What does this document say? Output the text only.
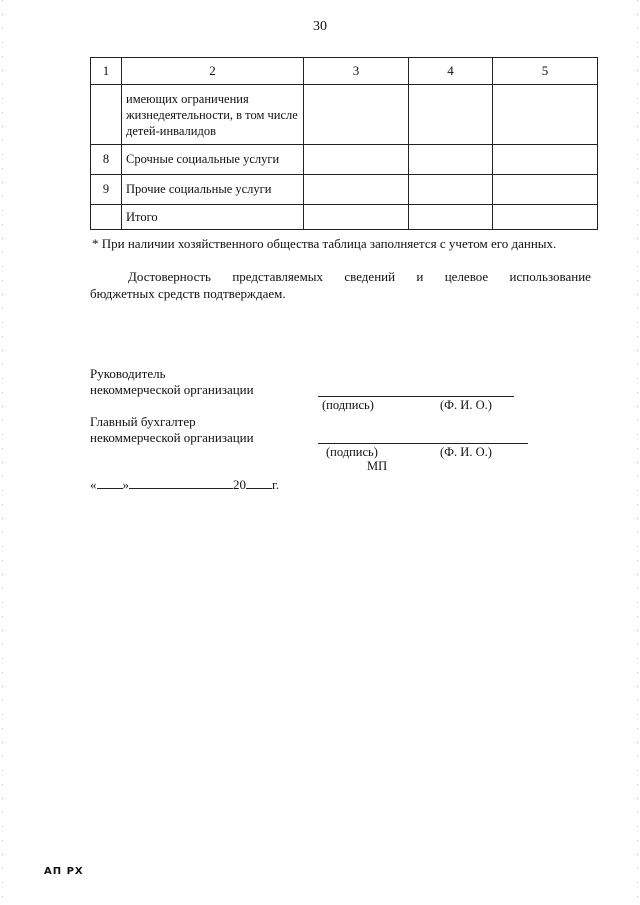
30
1	2	3	4	5
	имеющих ограничения жизнедеятельности, в том числе детей-инвалидов			
8	Срочные социальные услуги			
9	Прочие социальные услуги			
	Итого			
* При наличии хозяйственного общества таблица заполняется с учетом его данных.
Достоверность представляемых сведений и целевое использование
бюджетных средств подтверждаем.
Руководитель
некоммерческой организации
(подпись)	(Ф. И. О.)
Главный бухгалтер
некоммерческой организации
(подпись)	(Ф. И. О.)
МП
« »	20 г.
АП РХ
